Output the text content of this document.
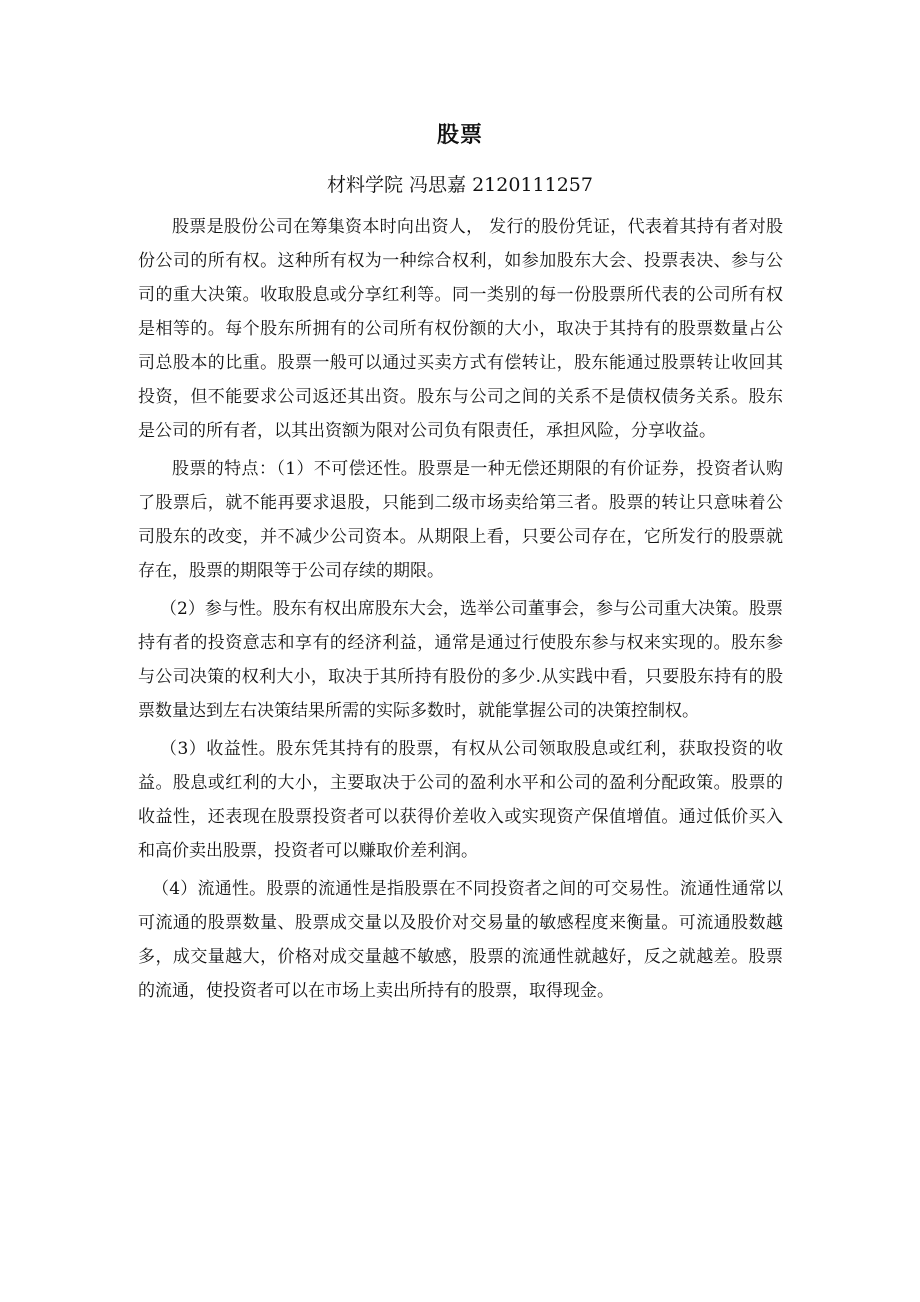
股票
材料学院 冯思嘉 2120111257

股票是股份公司在筹集资本时向出资人， 发行的股份凭证，代表着其持有者对股份公司的所有权。这种所有权为一种综合权利，如参加股东大会、投票表决、参与公司的重大决策。收取股息或分享红利等。同一类别的每一份股票所代表的公司所有权是相等的。每个股东所拥有的公司所有权份额的大小，取决于其持有的股票数量占公司总股本的比重。股票一般可以通过买卖方式有偿转让，股东能通过股票转让收回其投资，但不能要求公司返还其出资。股东与公司之间的关系不是债权债务关系。股东是公司的所有者，以其出资额为限对公司负有限责任，承担风险，分享收益。

股票的特点：（1）不可偿还性。股票是一种无偿还期限的有价证券，投资者认购了股票后，就不能再要求退股，只能到二级市场卖给第三者。股票的转让只意味着公司股东的改变，并不减少公司资本。从期限上看，只要公司存在，它所发行的股票就存在，股票的期限等于公司存续的期限。

（2）参与性。股东有权出席股东大会，选举公司董事会，参与公司重大决策。股票持有者的投资意志和享有的经济利益，通常是通过行使股东参与权来实现的。股东参与公司决策的权利大小，取决于其所持有股份的多少.从实践中看，只要股东持有的股票数量达到左右决策结果所需的实际多数时，就能掌握公司的决策控制权。

（3）收益性。股东凭其持有的股票，有权从公司领取股息或红利，获取投资的收益。股息或红利的大小，主要取决于公司的盈利水平和公司的盈利分配政策。股票的收益性，还表现在股票投资者可以获得价差收入或实现资产保值增值。通过低价买入和高价卖出股票，投资者可以赚取价差利润。

（4）流通性。股票的流通性是指股票在不同投资者之间的可交易性。流通性通常以可流通的股票数量、股票成交量以及股价对交易量的敏感程度来衡量。可流通股数越多，成交量越大，价格对成交量越不敏感，股票的流通性就越好，反之就越差。股票的流通，使投资者可以在市场上卖出所持有的股票，取得现金。
